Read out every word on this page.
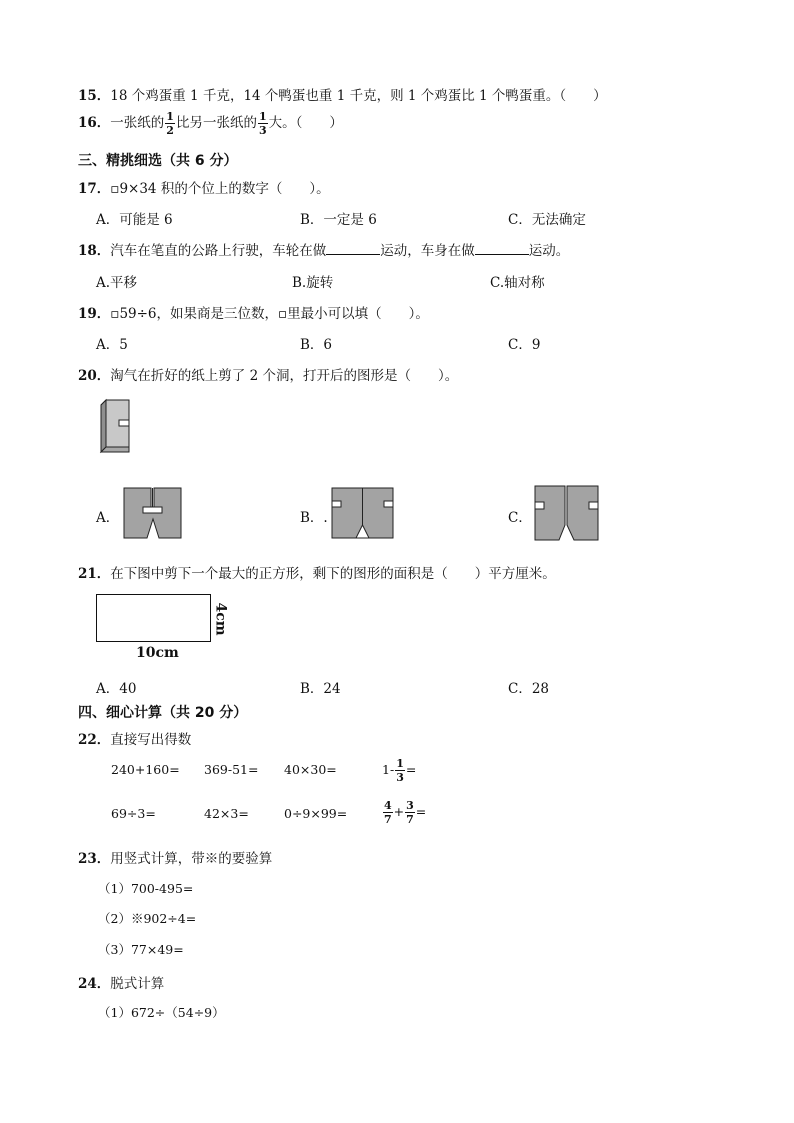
15．18 个鸡蛋重 1 千克，14 个鸭蛋也重 1 千克，则 1 个鸡蛋比 1 个鸭蛋重。（　　）
16．一张纸的 $\frac{1}{2}$ 比另一张纸的 $\frac{1}{3}$ 大。（　　）
三、精挑细选（共 6 分）
17．▫9×34 积的个位上的数字（　　）。
A．可能是 6	B．一定是 6	C．无法确定
18．汽车在笔直的公路上行驶，车轮在做	运动，车身在做	运动。
A.平移	B.旋转	C.轴对称
19．▫59÷6，如果商是三位数，▫里最小可以填（　　）。
A．5	B．6	C．9
20．淘气在折好的纸上剪了 2 个洞，打开后的图形是（　　）。
A．	B．.	C．
21．在下图中剪下一个最大的正方形，剩下的图形的面积是（　　）平方厘米。
10cm
4cm
A．40	B．24	C．28
四、细心计算（共 20 分）
22．直接写出得数
240+160= 369-51= 40×30=	$1- \frac{1}{3}$ =
69÷3=	42×3=	0÷9×99=	$\frac{4}{7} + \frac{3}{7}$ =
23．用竖式计算，带※的要验算
（1）700-495=
（2）※902÷4=
（3）77×49=
24．脱式计算
（1）672÷（54÷9）
